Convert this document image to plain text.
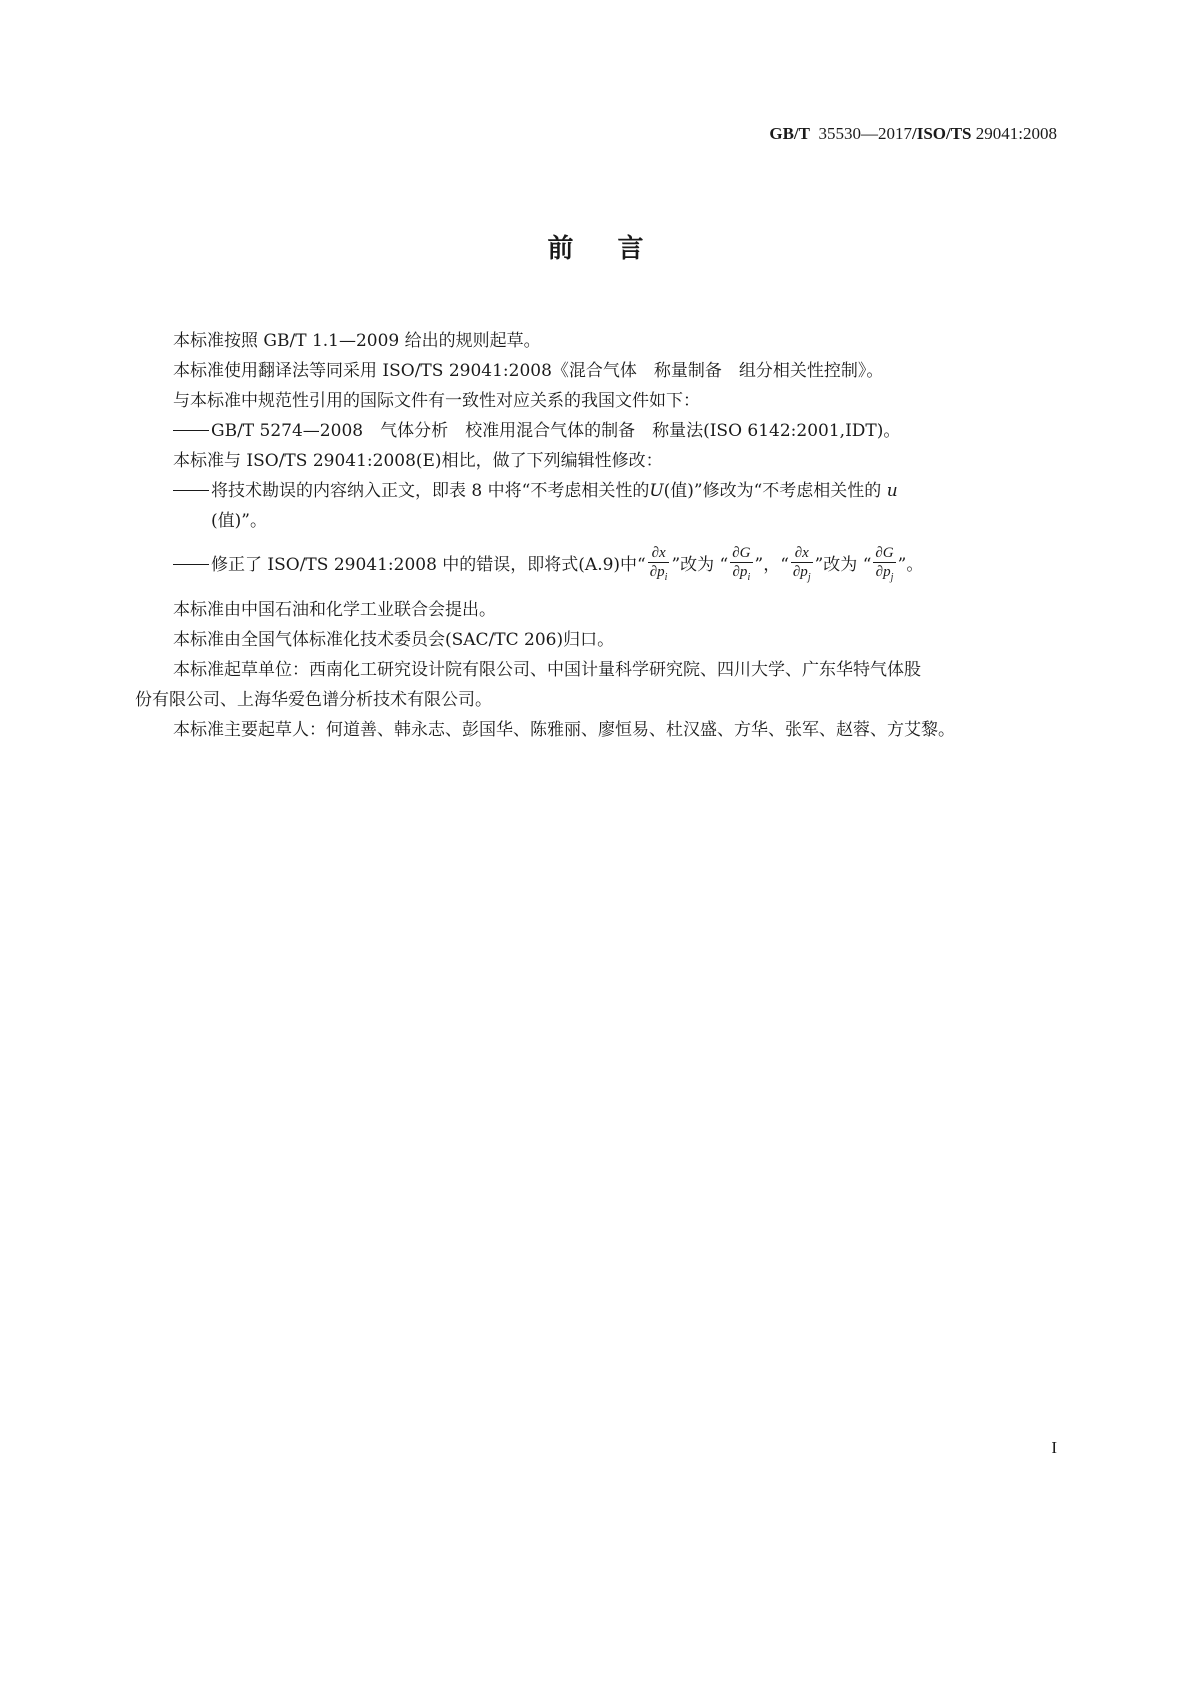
GB/T 35530—2017/ISO/TS 29041:2008
前言

本标准按照 GB/T 1.1—2009 给出的规则起草。

本标准使用翻译法等同采用 ISO/TS 29041:2008《混合气体　称量制备　组分相关性控制》。

与本标准中规范性引用的国际文件有一致性对应关系的我国文件如下：

GB/T 5274—2008　气体分析　校准用混合气体的制备　称量法(ISO 6142:2001,IDT)。

本标准与 ISO/TS 29041:2008(E)相比，做了下列编辑性修改：

将技术勘误的内容纳入正文，即表 8 中将“不考虑相关性的U(值)”修改为“不考虑相关性的 u

(值)”。

修正了 ISO/TS 29041:2008 中的错误，即将式(A.9)中“ $\frac{\partial x}{\partial p_i}$ ”改为 “ $\frac{\partial G}{\partial p_i}$ ”，“ $\frac{\partial x}{\partial p_j}$ ”改为 “ $\frac{\partial G}{\partial p_j}$ ”。

本标准由中国石油和化学工业联合会提出。

本标准由全国气体标准化技术委员会(SAC/TC 206)归口。

本标准起草单位：西南化工研究设计院有限公司、中国计量科学研究院、四川大学、广东华特气体股

份有限公司、上海华爱色谱分析技术有限公司。

本标准主要起草人：何道善、韩永志、彭国华、陈雅丽、廖恒易、杜汉盛、方华、张军、赵蓉、方艾黎。

I
